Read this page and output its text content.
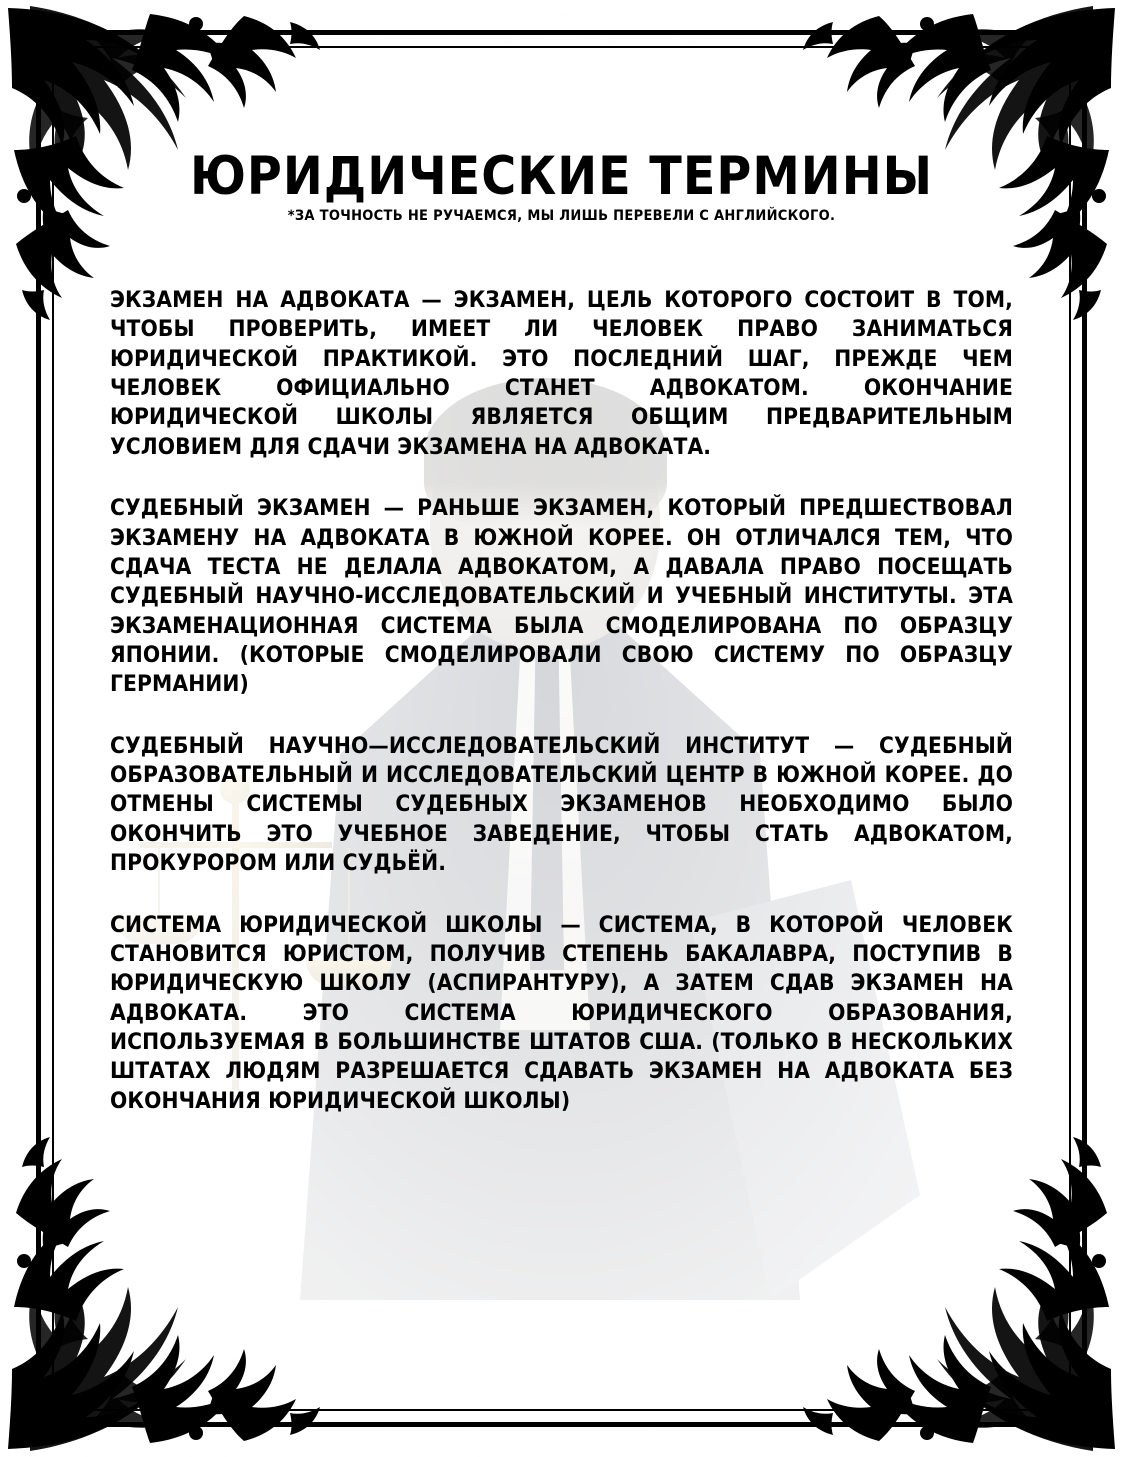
ЮРИДИЧЕСКИЕ ТЕРМИНЫ
*ЗА ТОЧНОСТЬ НЕ РУЧАЕМСЯ, МЫ ЛИШЬ ПЕРЕВЕЛИ С АНГЛИЙСКОГО.

ЭКЗАМЕН НА АДВОКАТА — ЭКЗАМЕН, ЦЕЛЬ КОТОРОГО СОСТОИТ В ТОМ, ЧТОБЫ ПРОВЕРИТЬ, ИМЕЕТ ЛИ ЧЕЛОВЕК ПРАВО ЗАНИМАТЬСЯ ЮРИДИЧЕСКОЙ ПРАКТИКОЙ. ЭТО ПОСЛЕДНИЙ ШАГ, ПРЕЖДЕ ЧЕМ ЧЕЛОВЕК ОФИЦИАЛЬНО СТАНЕТ АДВОКАТОМ. ОКОНЧАНИЕ ЮРИДИЧЕСКОЙ ШКОЛЫ ЯВЛЯЕТСЯ ОБЩИМ ПРЕДВАРИТЕЛЬНЫМ УСЛОВИЕМ ДЛЯ СДАЧИ ЭКЗАМЕНА НА АДВОКАТА.

СУДЕБНЫЙ ЭКЗАМЕН — РАНЬШЕ ЭКЗАМЕН, КОТОРЫЙ ПРЕДШЕСТВОВАЛ ЭКЗАМЕНУ НА АДВОКАТА В ЮЖНОЙ КОРЕЕ. ОН ОТЛИЧАЛСЯ ТЕМ, ЧТО СДАЧА ТЕСТА НЕ ДЕЛАЛА АДВОКАТОМ, А ДАВАЛА ПРАВО ПОСЕЩАТЬ СУДЕБНЫЙ НАУЧНО-ИССЛЕДОВАТЕЛЬСКИЙ И УЧЕБНЫЙ ИНСТИТУТЫ. ЭТА ЭКЗАМЕНАЦИОННАЯ СИСТЕМА БЫЛА СМОДЕЛИРОВАНА ПО ОБРАЗЦУ ЯПОНИИ. (КОТОРЫЕ СМОДЕЛИРОВАЛИ СВОЮ СИСТЕМУ ПО ОБРАЗЦУ ГЕРМАНИИ)

СУДЕБНЫЙ НАУЧНО—ИССЛЕДОВАТЕЛЬСКИЙ ИНСТИТУТ — СУДЕБНЫЙ ОБРАЗОВАТЕЛЬНЫЙ И ИССЛЕДОВАТЕЛЬСКИЙ ЦЕНТР В ЮЖНОЙ КОРЕЕ. ДО ОТМЕНЫ СИСТЕМЫ СУДЕБНЫХ ЭКЗАМЕНОВ НЕОБХОДИМО БЫЛО ОКОНЧИТЬ ЭТО УЧЕБНОЕ ЗАВЕДЕНИЕ, ЧТОБЫ СТАТЬ АДВОКАТОМ, ПРОКУРОРОМ ИЛИ СУДЬЁЙ.

СИСТЕМА ЮРИДИЧЕСКОЙ ШКОЛЫ — СИСТЕМА, В КОТОРОЙ ЧЕЛОВЕК СТАНОВИТСЯ ЮРИСТОМ, ПОЛУЧИВ СТЕПЕНЬ БАКАЛАВРА, ПОСТУПИВ В ЮРИДИЧЕСКУЮ ШКОЛУ (АСПИРАНТУРУ), А ЗАТЕМ СДАВ ЭКЗАМЕН НА АДВОКАТА. ЭТО СИСТЕМА ЮРИДИЧЕСКОГО ОБРАЗОВАНИЯ, ИСПОЛЬЗУЕМАЯ В БОЛЬШИНСТВЕ ШТАТОВ США. (ТОЛЬКО В НЕСКОЛЬКИХ ШТАТАХ ЛЮДЯМ РАЗРЕШАЕТСЯ СДАВАТЬ ЭКЗАМЕН НА АДВОКАТА БЕЗ ОКОНЧАНИЯ ЮРИДИЧЕСКОЙ ШКОЛЫ)
